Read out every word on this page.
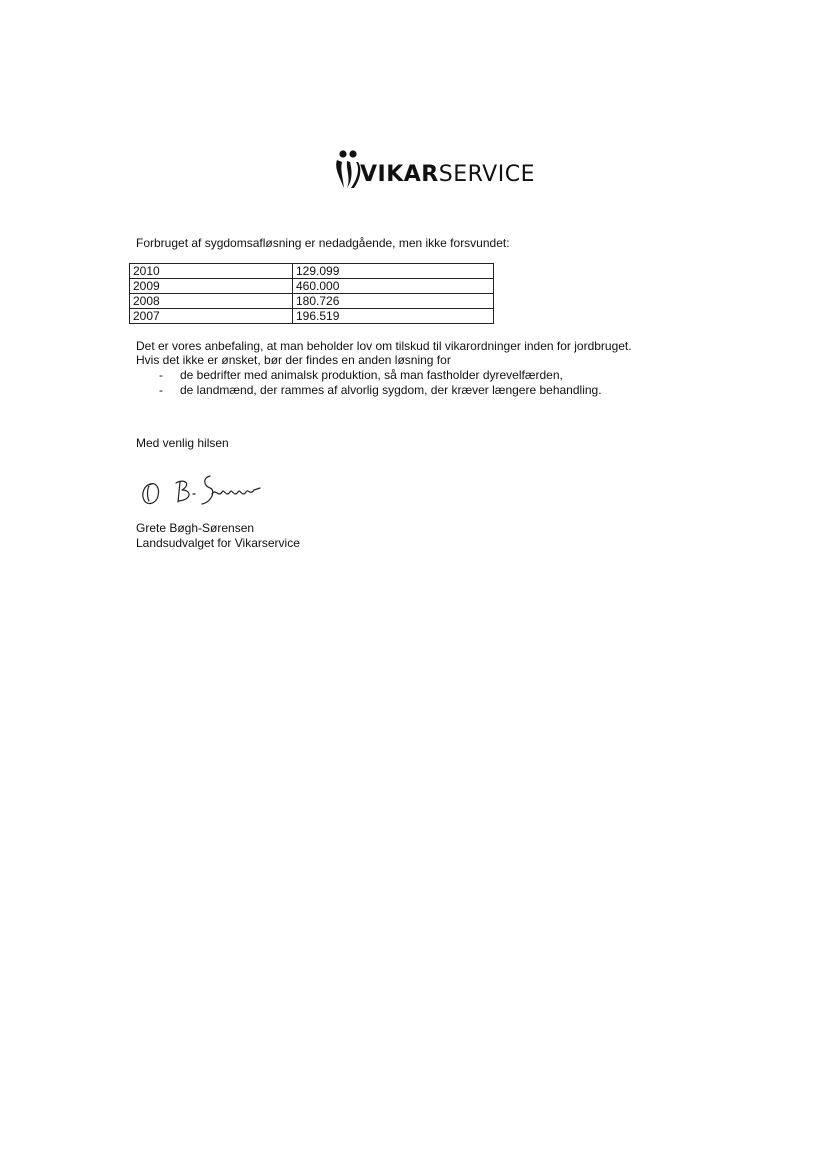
VIKARSERVICE
Forbruget af sygdomsafløsning er nedadgående, men ikke forsvundet:
2010	129.099
2009	460.000
2008	180.726
2007	196.519
Det er vores anbefaling, at man beholder lov om tilskud til vikarordninger inden for jordbruget.
Hvis det ikke er ønsket, bør der findes en anden løsning for
- de bedrifter med animalsk produktion, så man fastholder dyrevelfærden,
- de landmænd, der rammes af alvorlig sygdom, der kræver længere behandling.
Med venlig hilsen
Grete Bøgh-Sørensen
Landsudvalget for Vikarservice
